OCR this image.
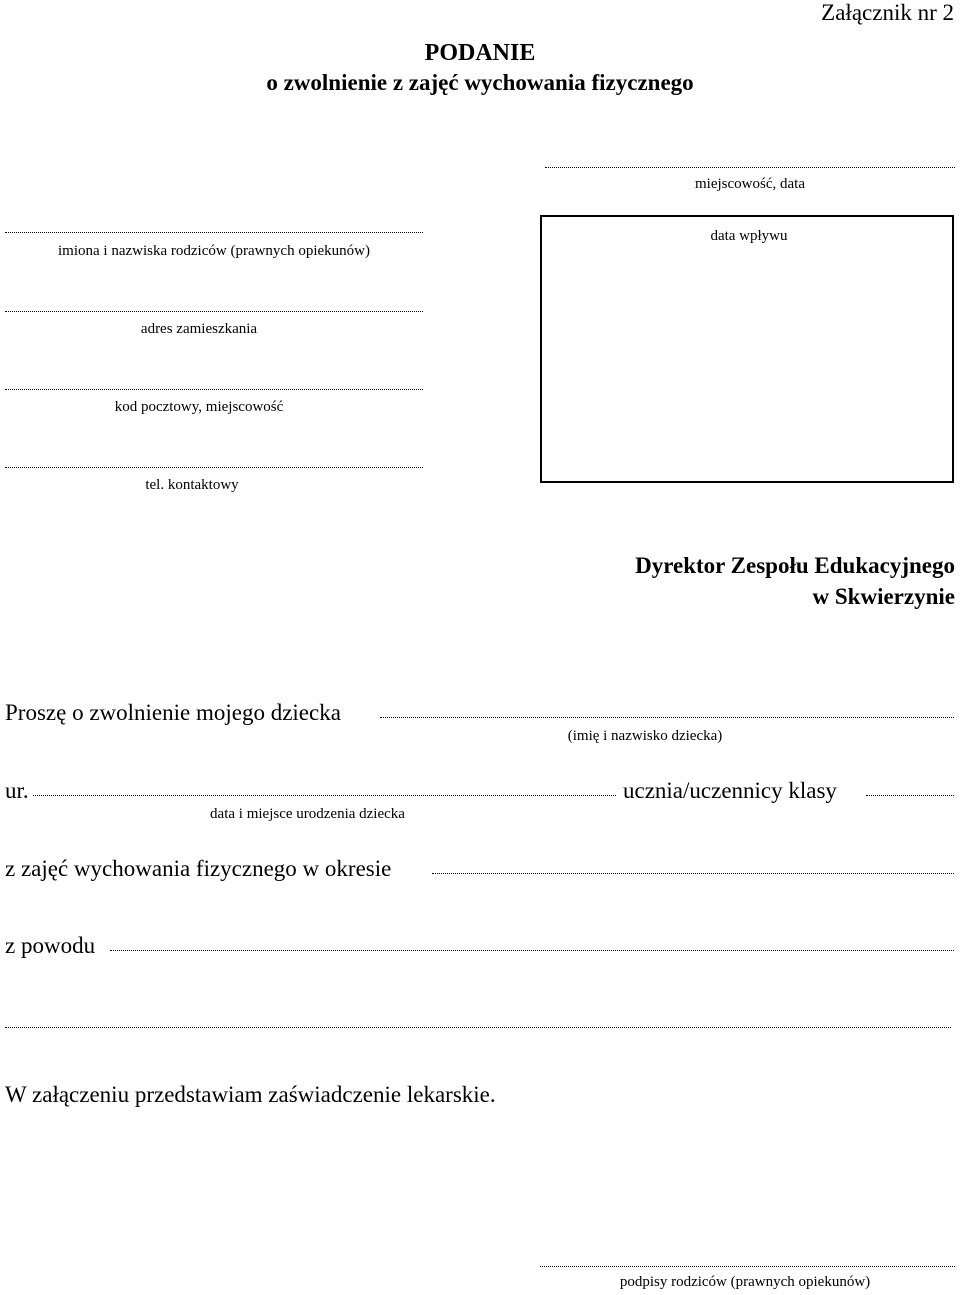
Załącznik nr 2
PODANIE
o zwolnienie z zajęć wychowania fizycznego
miejscowość, data
imiona i nazwiska rodziców (prawnych opiekunów)
adres zamieszkania
kod pocztowy, miejscowość
tel. kontaktowy
data wpływu
Dyrektor Zespołu Edukacyjnego
w Skwierzynie
Proszę o zwolnienie mojego dziecka
(imię i nazwisko dziecka)
ur.	ucznia/uczennicy klasy
data i miejsce urodzenia dziecka
z zajęć wychowania fizycznego w okresie
z powodu
W załączeniu przedstawiam zaświadczenie lekarskie.
podpisy rodziców (prawnych opiekunów)
